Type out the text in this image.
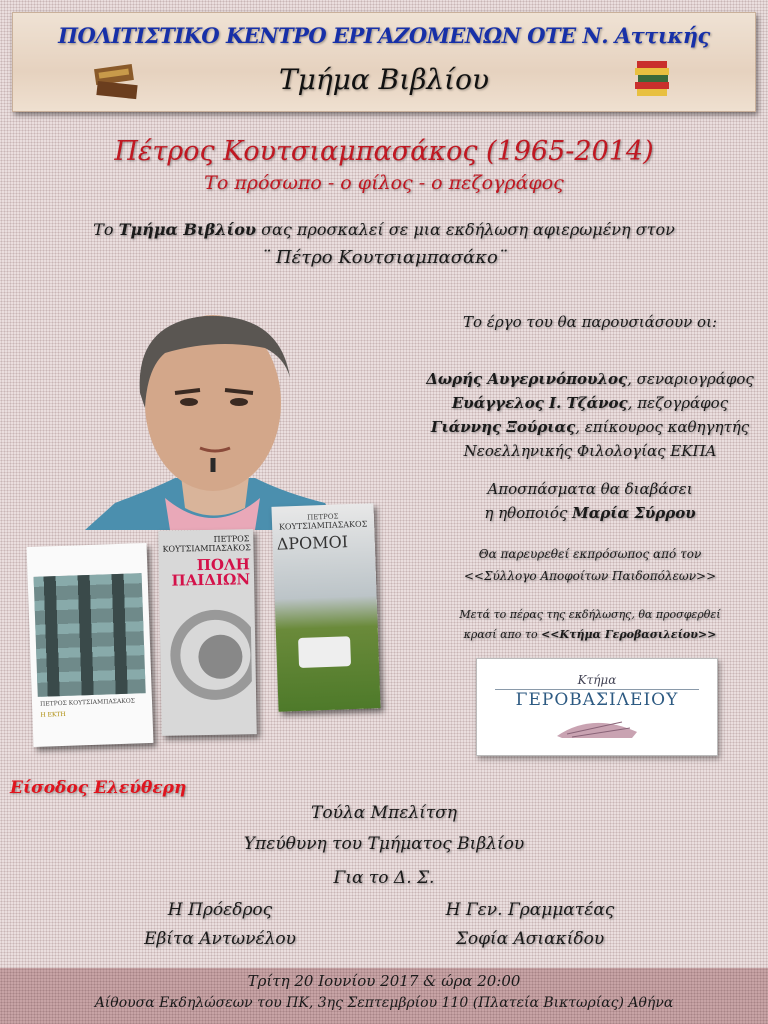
ΠΟΛΙΤΙΣΤΙΚΟ ΚΕΝΤΡΟ ΕΡΓΑΖΟΜΕΝΩΝ ΟΤΕ Ν. Αττικής
Τμήμα Βιβλίου
Πέτρος Κουτσιαμπασάκος (1965-2014)
Το πρόσωπο - ο φίλος - ο πεζογράφος
Το Τμήμα Βιβλίου σας προσκαλεί σε μια εκδήλωση αφιερωμένη στον
¨ Πέτρο Κουτσιαμπασάκο¨
Το έργο του θα παρουσιάσουν οι:
Δωρής Αυγερινόπουλος, σεναριογράφος
Ευάγγελος Ι. Τζάνος, πεζογράφος
Γιάννης Ξούριας, επίκουρος καθηγητής
Νεοελληνικής Φιλολογίας ΕΚΠΑ
Αποσπάσματα θα διαβάσει
η ηθοποιός Μαρία Σύρρου
Θα παρευρεθεί εκπρόσωπος από τον
<<Σύλλογο Αποφοίτων Παιδοπόλεων>>
Μετά το πέρας της εκδήλωσης, θα προσφερθεί
κρασί απο το <<Κτήμα Γεροβασιλείου>>
Κτήμα
ΓΕΡΟΒΑΣΙΛΕΙΟΥ
ΠΕΤΡΟΣ ΚΟΥΤΣΙΑΜΠΑΣΑΚΟΣ
Η ΕΚΤΗ
ΠΕΤΡΟΣ ΚΟΥΤΣΙΑΜΠΑΣΑΚΟΣ
ΠΟΛΗ
ΠΑΙΔΙΩΝ
ΠΕΤΡΟΣ
ΚΟΥΤΣΙΑΜΠΑΣΑΚΟΣ
ΔΡΟΜΟΙ
Είσοδος Ελεύθερη
Τούλα Μπελίτση
Υπεύθυνη του Τμήματος Βιβλίου
Για το Δ. Σ.
Η Πρόεδρος
Εβίτα Αντωνέλου
Η Γεν. Γραμματέας
Σοφία Ασιακίδου
Τρίτη 20 Ιουνίου 2017 & ώρα 20:00
Αίθουσα Εκδηλώσεων του ΠΚ, 3ης Σεπτεμβρίου 110 (Πλατεία Βικτωρίας) Αθήνα
